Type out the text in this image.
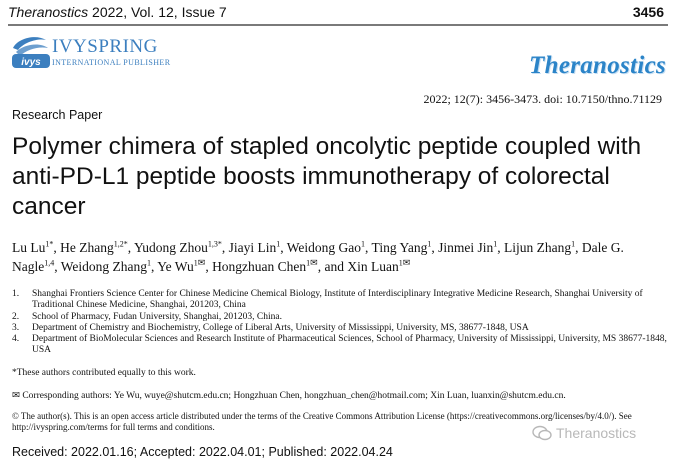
Theranostics 2022, Vol. 12, Issue 7	3456
ivys
IVYSPRING
INTERNATIONAL PUBLISHER	Theranostics
2022; 12(7): 3456-3473. doi: 10.7150/thno.71129
Research Paper
Polymer chimera of stapled oncolytic peptide coupled with anti-PD-L1 peptide boosts immunotherapy of colorectal cancer
Lu $Lu^{1*}$, He Zhang$^{1,2*}$, Yudong Zhou$^{1,3*}$, Jiayi Lin$^1$, Weidong Gao$^1$, Ting Yang$^1$, Jinmei Jin$^1$, Lijun Zhang$^1$, Dale G. Nagle$^{1,4}$, Weidong Zhang$^1$, Ye $Wu^{1✉}$, Hongzhuan Chen$^{1✉}$, and Xin Luan$^{1✉}$
1.	Shanghai Frontiers Science Center for Chinese Medicine Chemical Biology, Institute of Interdisciplinary Integrative Medicine Research, Shanghai University of Traditional Chinese Medicine, Shanghai, 201203, China
2.	School of Pharmacy, Fudan University, Shanghai, 201203, China.
3.	Department of Chemistry and Biochemistry, College of Liberal Arts, University of Mississippi, University, MS, 38677-1848, USA
4.	Department of BioMolecular Sciences and Research Institute of Pharmaceutical Sciences, School of Pharmacy, University of Mississippi, University, MS 38677-1848, USA
*These authors contributed equally to this work.
✉ Corresponding authors: Ye Wu, wuye@shutcm.edu.cn; Hongzhuan Chen, hongzhuan_chen@hotmail.com; Xin Luan, luanxin@shutcm.edu.cn.
© The author(s). This is an open access article distributed under the terms of the Creative Commons Attribution License (https://creativecommons.org/licenses/by/4.0/). See http://ivyspring.com/terms for full terms and conditions.
Received: 2022.01.16; Accepted: 2022.04.01; Published: 2022.04.24
Theranostics
